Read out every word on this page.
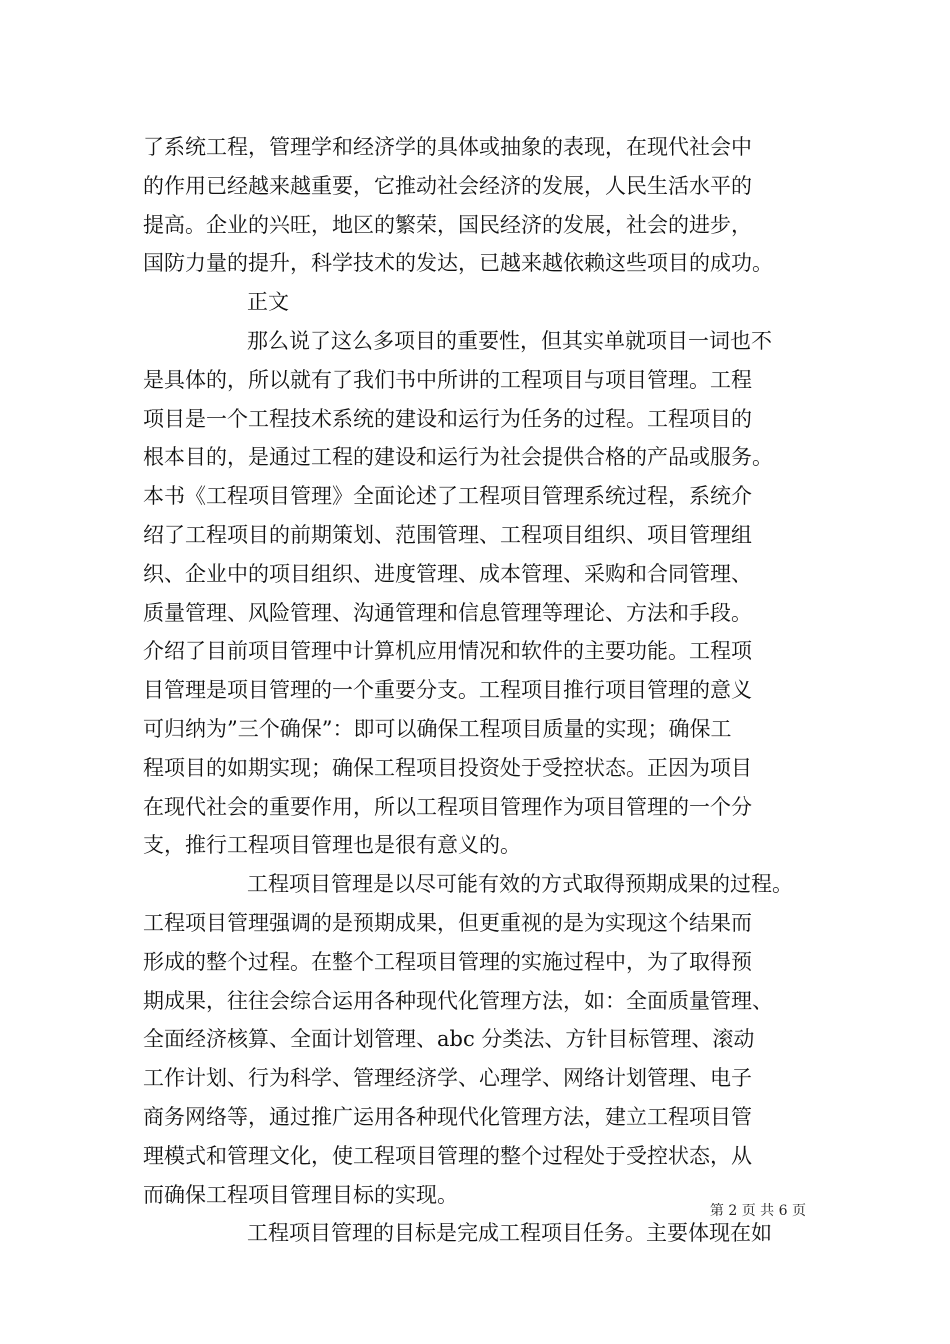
了系统工程，管理学和经济学的具体或抽象的表现，在现代社会中
的作用已经越来越重要，它推动社会经济的发展，人民生活水平的
提高。企业的兴旺，地区的繁荣，国民经济的发展，社会的进步，
国防力量的提升，科学技术的发达，已越来越依赖这些项目的成功。
正文
那么说了这么多项目的重要性，但其实单就项目一词也不
是具体的，所以就有了我们书中所讲的工程项目与项目管理。工程
项目是一个工程技术系统的建设和运行为任务的过程。工程项目的
根本目的，是通过工程的建设和运行为社会提供合格的产品或服务。
本书《工程项目管理》全面论述了工程项目管理系统过程，系统介
绍了工程项目的前期策划、范围管理、工程项目组织、项目管理组
织、企业中的项目组织、进度管理、成本管理、采购和合同管理、
质量管理、风险管理、沟通管理和信息管理等理论、方法和手段。
介绍了目前项目管理中计算机应用情况和软件的主要功能。工程项
目管理是项目管理的一个重要分支。工程项目推行项目管理的意义
可归纳为”三个确保”：即可以确保工程项目质量的实现；确保工
程项目的如期实现；确保工程项目投资处于受控状态。正因为项目
在现代社会的重要作用，所以工程项目管理作为项目管理的一个分
支，推行工程项目管理也是很有意义的。
工程项目管理是以尽可能有效的方式取得预期成果的过程。
工程项目管理强调的是预期成果，但更重视的是为实现这个结果而
形成的整个过程。在整个工程项目管理的实施过程中，为了取得预
期成果，往往会综合运用各种现代化管理方法，如：全面质量管理、
全面经济核算、全面计划管理、abc 分类法、方针目标管理、滚动
工作计划、行为科学、管理经济学、心理学、网络计划管理、电子
商务网络等，通过推广运用各种现代化管理方法，建立工程项目管
理模式和管理文化，使工程项目管理的整个过程处于受控状态，从
而确保工程项目管理目标的实现。
工程项目管理的目标是完成工程项目任务。主要体现在如
第 2 页 共 6 页
